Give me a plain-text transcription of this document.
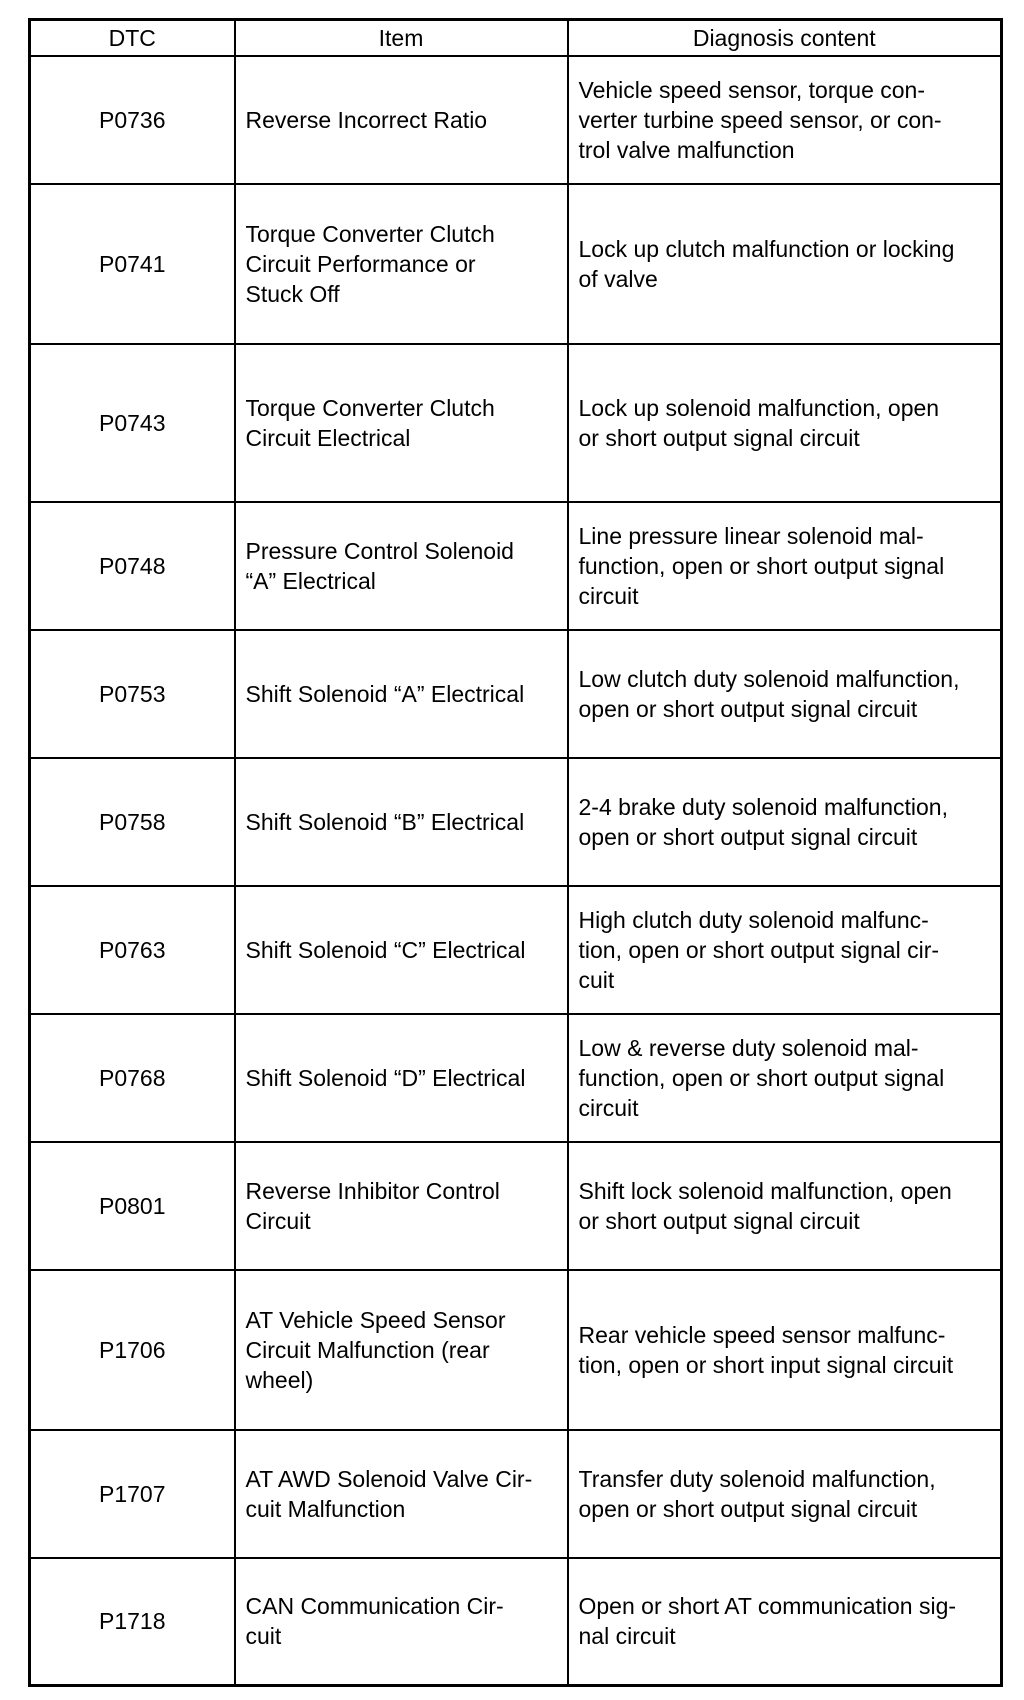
DTC	Item	Diagnosis content
P0736	Reverse Incorrect Ratio	Vehicle speed sensor, torque con-
verter turbine speed sensor, or con-
trol valve malfunction
P0741	Torque Converter Clutch
Circuit Performance or
Stuck Off	Lock up clutch malfunction or locking
of valve
P0743	Torque Converter Clutch
Circuit Electrical	Lock up solenoid malfunction, open
or short output signal circuit
P0748	Pressure Control Solenoid
“A” Electrical	Line pressure linear solenoid mal-
function, open or short output signal
circuit
P0753	Shift Solenoid “A” Electrical	Low clutch duty solenoid malfunction,
open or short output signal circuit
P0758	Shift Solenoid “B” Electrical	2-4 brake duty solenoid malfunction,
open or short output signal circuit
P0763	Shift Solenoid “C” Electrical	High clutch duty solenoid malfunc-
tion, open or short output signal cir-
cuit
P0768	Shift Solenoid “D” Electrical	Low & reverse duty solenoid mal-
function, open or short output signal
circuit
P0801	Reverse Inhibitor Control
Circuit	Shift lock solenoid malfunction, open
or short output signal circuit
P1706	AT Vehicle Speed Sensor
Circuit Malfunction (rear
wheel)	Rear vehicle speed sensor malfunc-
tion, open or short input signal circuit
P1707	AT AWD Solenoid Valve Cir-
cuit Malfunction	Transfer duty solenoid malfunction,
open or short output signal circuit
P1718	CAN Communication Cir-
cuit	Open or short AT communication sig-
nal circuit
